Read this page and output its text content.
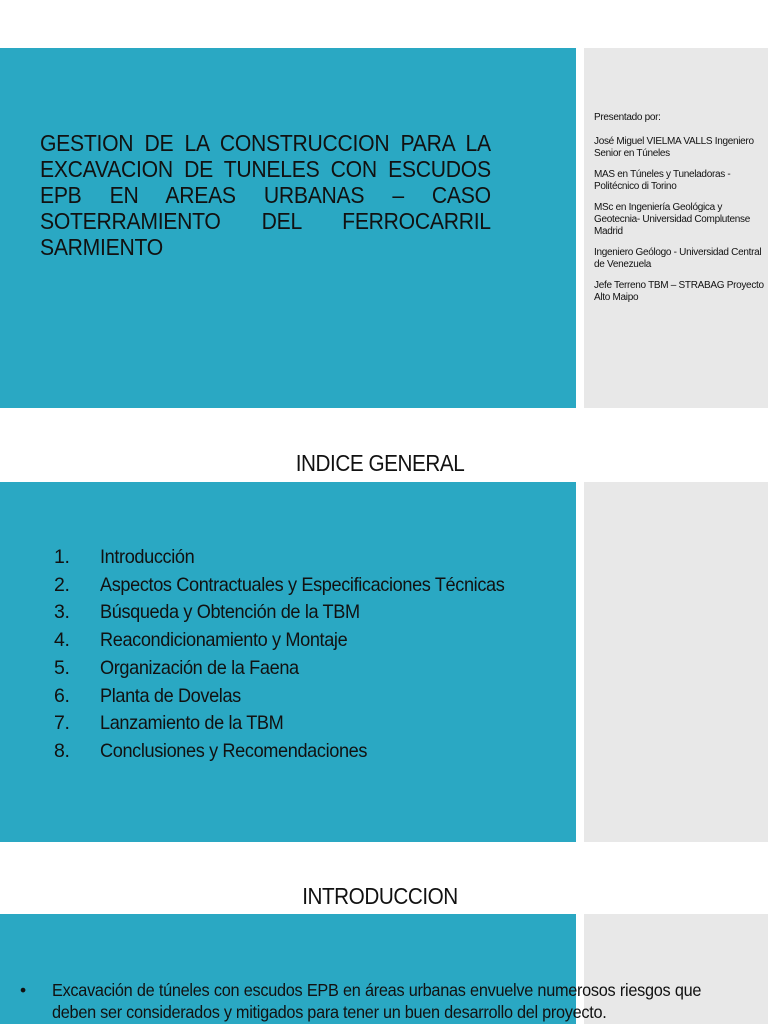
GESTION DE LA CONSTRUCCION PARA LA EXCAVACION DE TUNELES CON ESCUDOS EPB EN AREAS URBANAS – CASO SOTERRAMIENTO DEL FERROCARRIL SARMIENTO

Presentado por:

José Miguel VIELMA VALLS Ingeniero Senior en Túneles

MAS en Túneles y Tuneladoras - Politécnico di Torino

MSc en Ingeniería Geológica y Geotecnia- Universidad Complutense Madrid

Ingeniero Geólogo - Universidad Central de Venezuela

Jefe Terreno TBM – STRABAG Proyecto Alto Maipo

INDICE GENERAL
1.	Introducción
2.	Aspectos Contractuales y Especificaciones Técnicas
3.	Búsqueda y Obtención de la TBM
4.	Reacondicionamiento y Montaje
5.	Organización de la Faena
6.	Planta de Dovelas
7.	Lanzamiento de la TBM
8.	Conclusiones y Recomendaciones
INTRODUCCION
•	Excavación de túneles con escudos EPB en áreas urbanas envuelve numerosos riesgos que deben ser considerados y mitigados para tener un buen desarrollo del proyecto.
